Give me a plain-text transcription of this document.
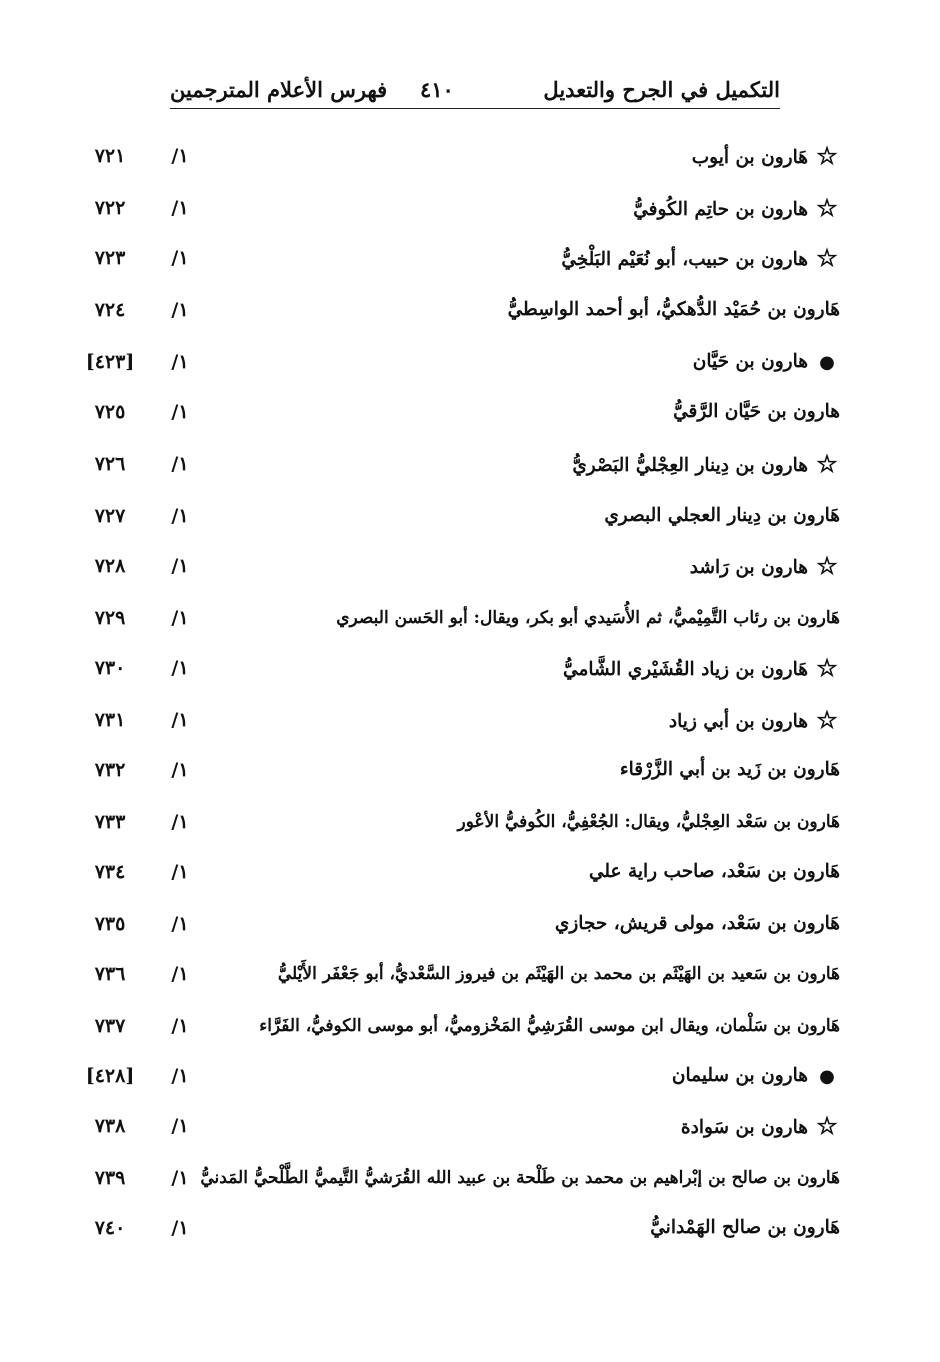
التكميل في الجرح والتعديل
٤١٠
فهرس الأعلام المترجمين
☆هَارون بن أيوب
١/
٧٢١
☆هارون بن حاتِم الكُوفيُّ
١/
٧٢٢
☆هارون بن حبيب، أبو نُعَيْم البَلْخِيُّ
١/
٧٢٣
هَارون بن حُمَيْد الدُّهكيُّ، أبو أحمد الواسِطيُّ
١/
٧٢٤
●هارون بن حَيَّان
١/
[٤٢٣]
هارون بن حَيَّان الرَّقيُّ
١/
٧٢٥
☆هارون بن دِينار العِجْليُّ البَصْريُّ
١/
٧٢٦
هَارون بن دِينار العجلي البصري
١/
٧٢٧
☆هارون بن رَاشد
١/
٧٢٨
هَارون بن رئاب التَّمِيْميُّ، ثم الأُسَيدي أبو بكر، ويقال: أبو الحَسن البصري
١/
٧٢٩
☆هَارون بن زياد القُشَيْري الشَّاميُّ
١/
٧٣٠
☆هارون بن أبي زياد
١/
٧٣١
هَارون بن زَيد بن أبي الزَّرْقاء
١/
٧٣٢
هَارون بن سَعْد العِجْليُّ، ويقال: الجُعْفِيُّ، الكُوفيُّ الأعْور
١/
٧٣٣
هَارون بن سَعْد، صاحب راية علي
١/
٧٣٤
هَارون بن سَعْد، مولى قريش، حجازي
١/
٧٣٥
هَارون بن سَعيد بن الهَيْثَم بن محمد بن الهَيْثَم بن فيروز السَّعْديُّ، أبو جَعْفَر الأَيْليُّ
١/
٧٣٦
هَارون بن سَلْمان، ويقال ابن موسى القُرَشِيُّ المَخْزوميُّ، أبو موسى الكوفيُّ، الفَرَّاء
١/
٧٣٧
●هارون بن سليمان
١/
[٤٢٨]
☆هارون بن سَوادة
١/
٧٣٨
هَارون بن صالح بن إبْراهيم بن محمد بن طَلْحة بن عبيد الله القُرَشيُّ التَّيميُّ الطَّلْحيُّ المَدنيُّ
١/
٧٣٩
هَارون بن صالح الهَمْدانيُّ
١/
٧٤٠
